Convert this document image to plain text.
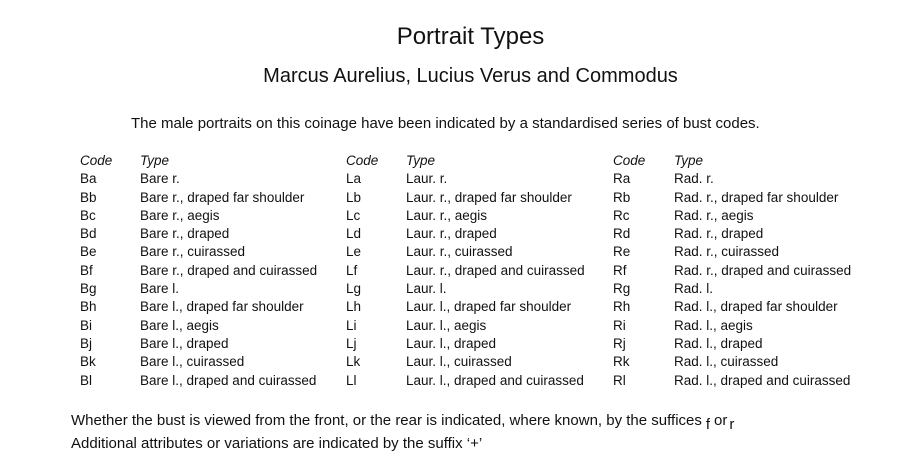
Portrait Types
Marcus Aurelius, Lucius Verus and Commodus
The male portraits on this coinage have been indicated by a standardised series of bust codes.
Code
Ba
Bb
Bc
Bd
Be
Bf
Bg
Bh
Bi
Bj
Bk
Bl
Type
Bare r.
Bare r., draped far shoulder
Bare r., aegis
Bare r., draped
Bare r., cuirassed
Bare r., draped and cuirassed
Bare l.
Bare l., draped far shoulder
Bare l., aegis
Bare l., draped
Bare l., cuirassed
Bare l., draped and cuirassed
Code
La
Lb
Lc
Ld
Le
Lf
Lg
Lh
Li
Lj
Lk
Ll
Type
Laur. r.
Laur. r., draped far shoulder
Laur. r., aegis
Laur. r., draped
Laur. r., cuirassed
Laur. r., draped and cuirassed
Laur. l.
Laur. l., draped far shoulder
Laur. l., aegis
Laur. l., draped
Laur. l., cuirassed
Laur. l., draped and cuirassed
Code
Ra
Rb
Rc
Rd
Re
Rf
Rg
Rh
Ri
Rj
Rk
Rl
Type
Rad. r.
Rad. r., draped far shoulder
Rad. r., aegis
Rad. r., draped
Rad. r., cuirassed
Rad. r., draped and cuirassed
Rad. l.
Rad. l., draped far shoulder
Rad. l., aegis
Rad. l., draped
Rad. l., cuirassed
Rad. l., draped and cuirassed
Whether the bust is viewed from the front, or the rear is indicated, where known, by the suffices f or r
Additional attributes or variations are indicated by the suffix ‘+’
